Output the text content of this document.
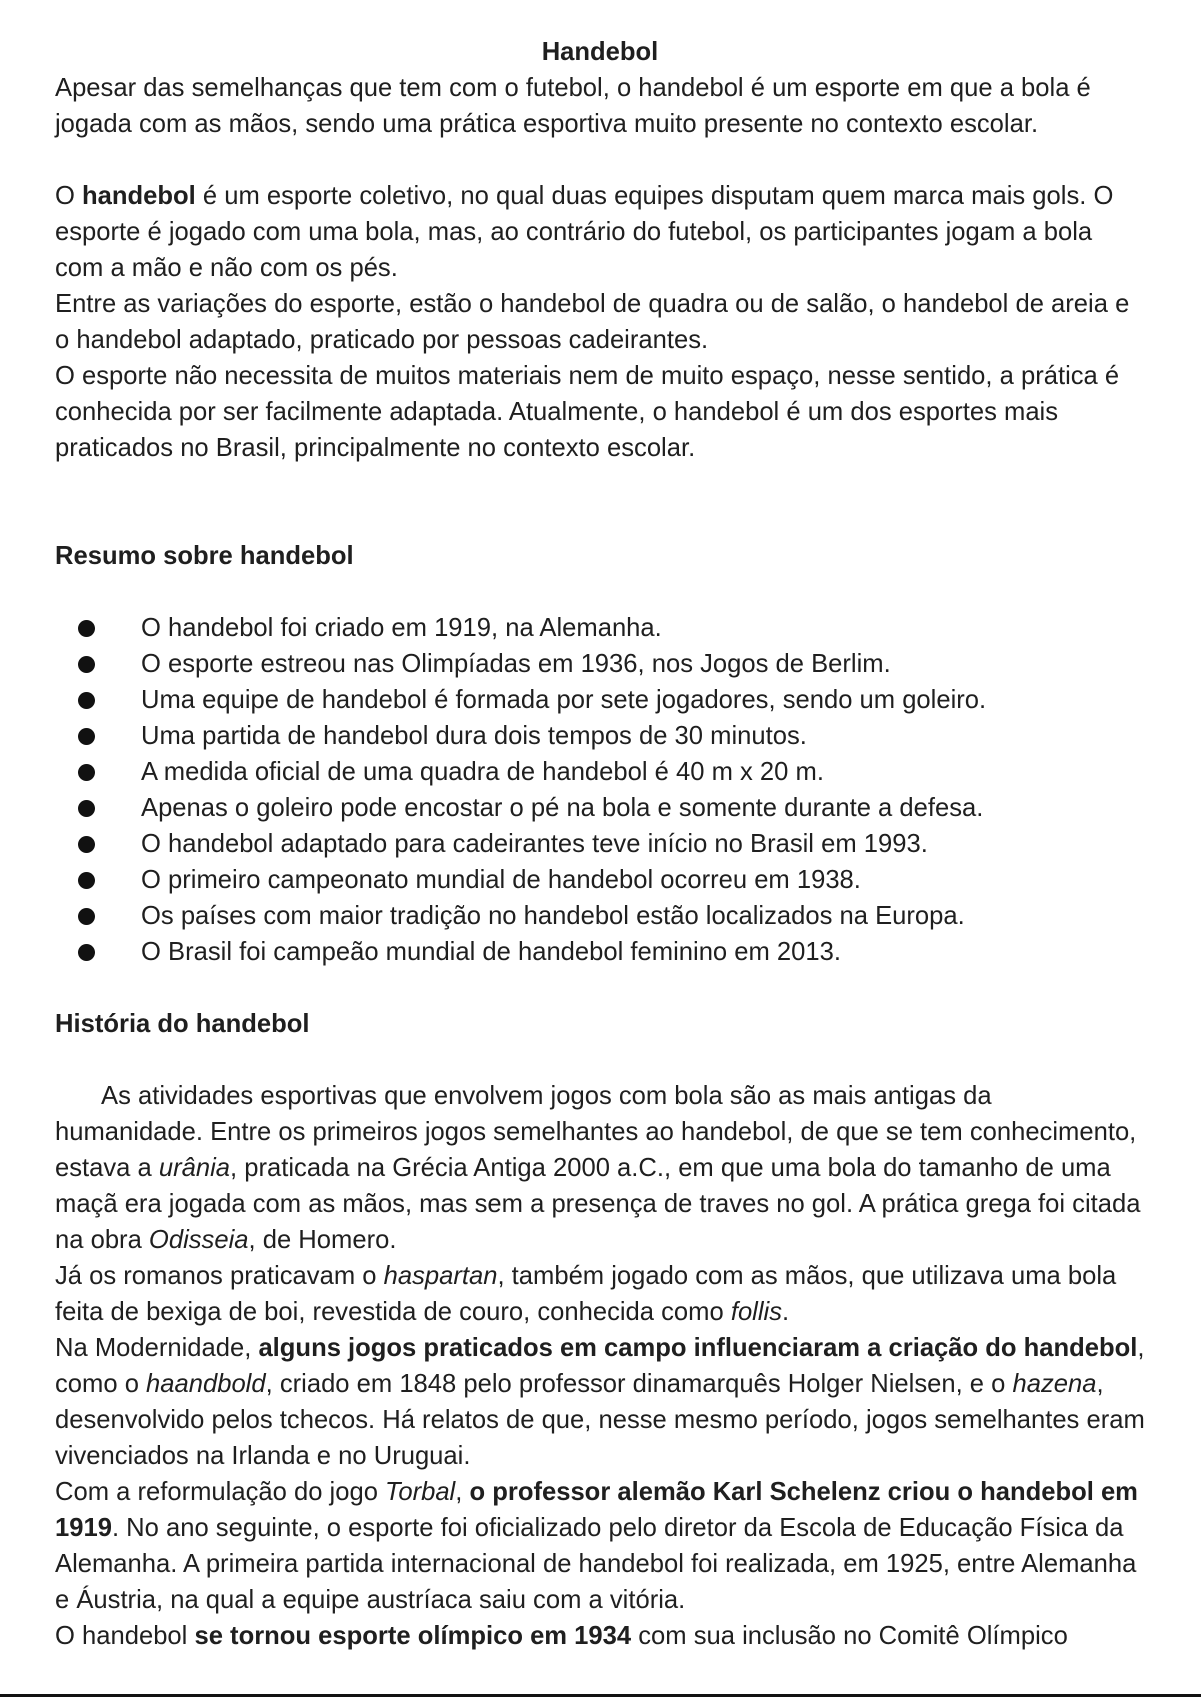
Handebol

Apesar das semelhanças que tem com o futebol, o handebol é um esporte em que a bola é jogada com as mãos, sendo uma prática esportiva muito presente no contexto escolar.

O handebol é um esporte coletivo, no qual duas equipes disputam quem marca mais gols. O esporte é jogado com uma bola, mas, ao contrário do futebol, os participantes jogam a bola com a mão e não com os pés.

Entre as variações do esporte, estão o handebol de quadra ou de salão, o handebol de areia e o handebol adaptado, praticado por pessoas cadeirantes.

O esporte não necessita de muitos materiais nem de muito espaço, nesse sentido, a prática é conhecida por ser facilmente adaptada. Atualmente, o handebol é um dos esportes mais praticados no Brasil, principalmente no contexto escolar.

Resumo sobre handebol
O handebol foi criado em 1919, na Alemanha.
O esporte estreou nas Olimpíadas em 1936, nos Jogos de Berlim.
Uma equipe de handebol é formada por sete jogadores, sendo um goleiro.
Uma partida de handebol dura dois tempos de 30 minutos.
A medida oficial de uma quadra de handebol é 40 m x 20 m.
Apenas o goleiro pode encostar o pé na bola e somente durante a defesa.
O handebol adaptado para cadeirantes teve início no Brasil em 1993.
O primeiro campeonato mundial de handebol ocorreu em 1938.
Os países com maior tradição no handebol estão localizados na Europa.
O Brasil foi campeão mundial de handebol feminino em 2013.
História do handebol

As atividades esportivas que envolvem jogos com bola são as mais antigas da humanidade. Entre os primeiros jogos semelhantes ao handebol, de que se tem conhecimento, estava a urânia, praticada na Grécia Antiga 2000 a.C., em que uma bola do tamanho de uma maçã era jogada com as mãos, mas sem a presença de traves no gol. A prática grega foi citada na obra Odisseia, de Homero.

Já os romanos praticavam o haspartan, também jogado com as mãos, que utilizava uma bola feita de bexiga de boi, revestida de couro, conhecida como follis.

Na Modernidade, alguns jogos praticados em campo influenciaram a criação do handebol, como o haandbold, criado em 1848 pelo professor dinamarquês Holger Nielsen, e o hazena, desenvolvido pelos tchecos. Há relatos de que, nesse mesmo período, jogos semelhantes eram vivenciados na Irlanda e no Uruguai.

Com a reformulação do jogo Torbal, o professor alemão Karl Schelenz criou o handebol em 1919. No ano seguinte, o esporte foi oficializado pelo diretor da Escola de Educação Física da Alemanha. A primeira partida internacional de handebol foi realizada, em 1925, entre Alemanha e Áustria, na qual a equipe austríaca saiu com a vitória.

O handebol se tornou esporte olímpico em 1934 com sua inclusão no Comitê Olímpico
